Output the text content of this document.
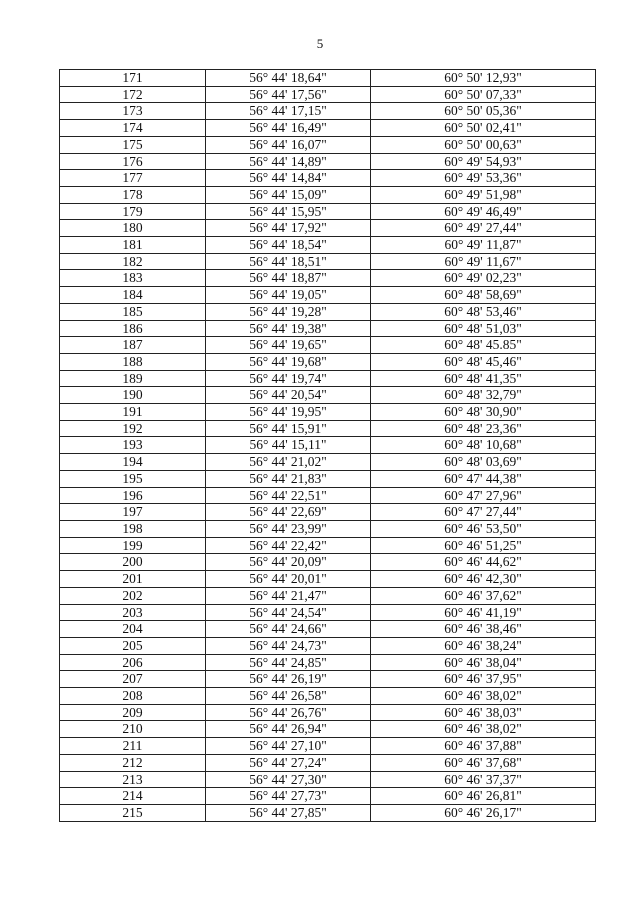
5
171	56° 44' 18,64"	60° 50' 12,93"
172	56° 44' 17,56"	60° 50' 07,33"
173	56° 44' 17,15"	60° 50' 05,36"
174	56° 44' 16,49"	60° 50' 02,41"
175	56° 44' 16,07"	60° 50' 00,63"
176	56° 44' 14,89"	60° 49' 54,93"
177	56° 44' 14,84"	60° 49' 53,36"
178	56° 44' 15,09"	60° 49' 51,98"
179	56° 44' 15,95"	60° 49' 46,49"
180	56° 44' 17,92"	60° 49' 27,44"
181	56° 44' 18,54"	60° 49' 11,87"
182	56° 44' 18,51"	60° 49' 11,67"
183	56° 44' 18,87"	60° 49' 02,23"
184	56° 44' 19,05"	60° 48' 58,69"
185	56° 44' 19,28"	60° 48' 53,46"
186	56° 44' 19,38"	60° 48' 51,03"
187	56° 44' 19,65"	60° 48' 45.85"
188	56° 44' 19,68"	60° 48' 45,46"
189	56° 44' 19,74"	60° 48' 41,35"
190	56° 44' 20,54"	60° 48' 32,79"
191	56° 44' 19,95"	60° 48' 30,90"
192	56° 44' 15,91"	60° 48' 23,36"
193	56° 44' 15,11"	60° 48' 10,68"
194	56° 44' 21,02"	60° 48' 03,69"
195	56° 44' 21,83"	60° 47' 44,38"
196	56° 44' 22,51"	60° 47' 27,96"
197	56° 44' 22,69"	60° 47' 27,44"
198	56° 44' 23,99"	60° 46' 53,50"
199	56° 44' 22,42"	60° 46' 51,25"
200	56° 44' 20,09"	60° 46' 44,62"
201	56° 44' 20,01"	60° 46' 42,30"
202	56° 44' 21,47"	60° 46' 37,62"
203	56° 44' 24,54"	60° 46' 41,19"
204	56° 44' 24,66"	60° 46' 38,46"
205	56° 44' 24,73"	60° 46' 38,24"
206	56° 44' 24,85"	60° 46' 38,04"
207	56° 44' 26,19"	60° 46' 37,95"
208	56° 44' 26,58"	60° 46' 38,02"
209	56° 44' 26,76"	60° 46' 38,03"
210	56° 44' 26,94"	60° 46' 38,02"
211	56° 44' 27,10"	60° 46' 37,88"
212	56° 44' 27,24"	60° 46' 37,68"
213	56° 44' 27,30"	60° 46' 37,37"
214	56° 44' 27,73"	60° 46' 26,81"
215	56° 44' 27,85"	60° 46' 26,17"
